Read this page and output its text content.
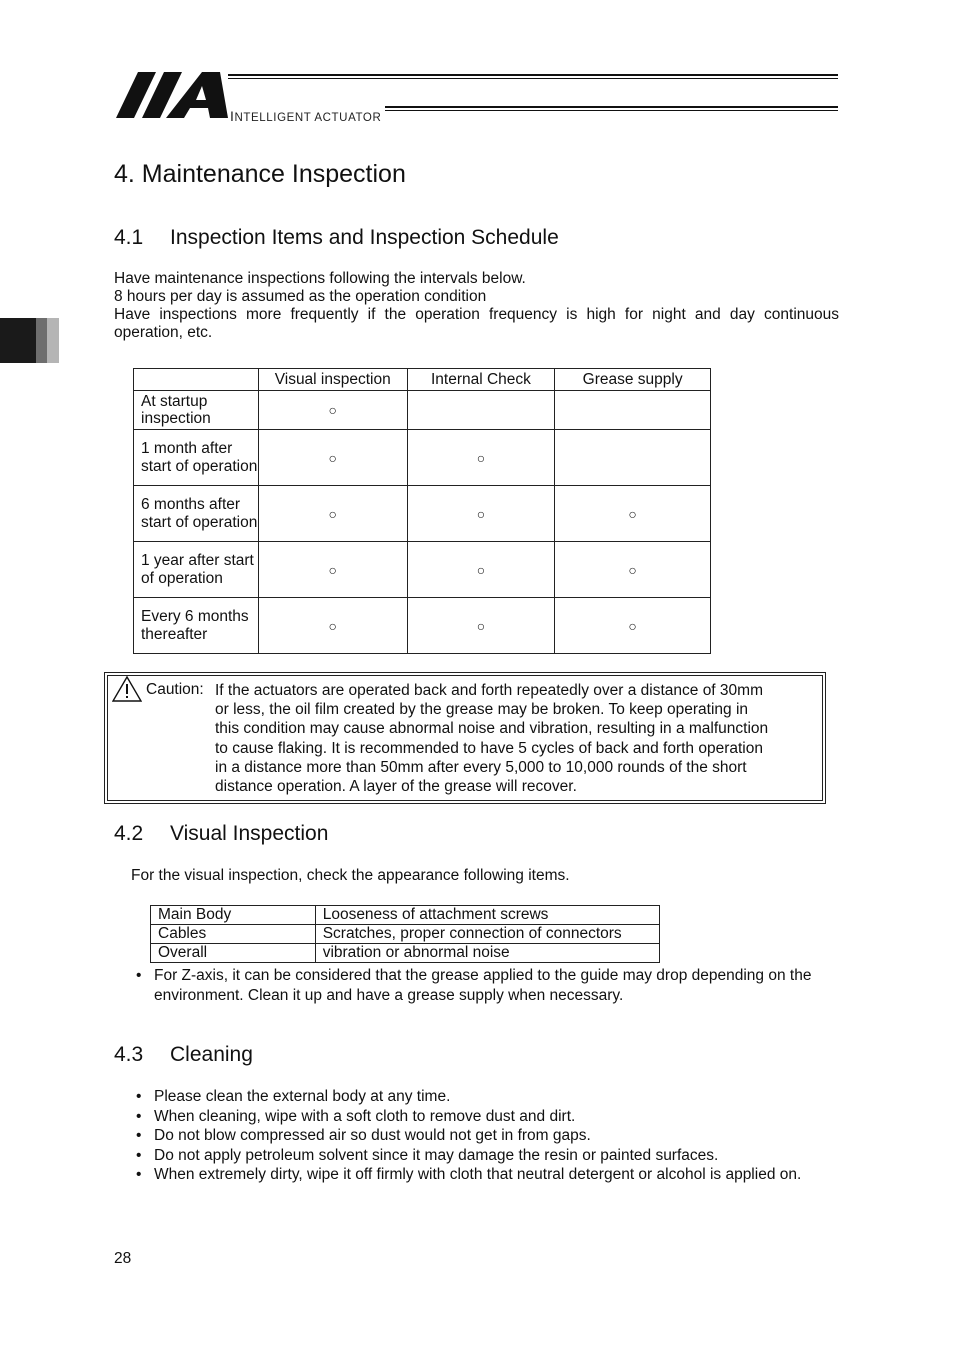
INTELLIGENT ACTUATOR
4. Maintenance Inspection
4.1 Inspection Items and Inspection Schedule

Have maintenance inspections following the intervals below.

8 hours per day is assumed as the operation condition

Have inspections more frequently if the operation frequency is high for night and day continuous operation, etc.

	Visual inspection	Internal Check	Grease supply
At startup inspection	○		
1 month after start of operation	○	○	
6 months after start of operation	○	○	○
1 year after start of operation	○	○	○
Every 6 months thereafter	○	○	○
Caution: If the actuators are operated back and forth repeatedly over a distance of 30mm
or less, the oil film created by the grease may be broken. To keep operating in
this condition may cause abnormal noise and vibration, resulting in a malfunction
to cause flaking. It is recommended to have 5 cycles of back and forth operation
in a distance more than 50mm after every 5,000 to 10,000 rounds of the short
distance operation. A layer of the grease will recover.
4.2 Visual Inspection
For the visual inspection, check the appearance following items.
Main Body	Looseness of attachment screws
Cables	Scratches, proper connection of connectors
Overall	vibration or abnormal noise
• For Z-axis, it can be considered that the grease applied to the guide may drop depending on the environment. Clean it up and have a grease supply when necessary.
4.3 Cleaning
• Please clean the external body at any time.
• When cleaning, wipe with a soft cloth to remove dust and dirt.
• Do not blow compressed air so dust would not get in from gaps.
• Do not apply petroleum solvent since it may damage the resin or painted surfaces.
• When extremely dirty, wipe it off firmly with cloth that neutral detergent or alcohol is applied on.
28
